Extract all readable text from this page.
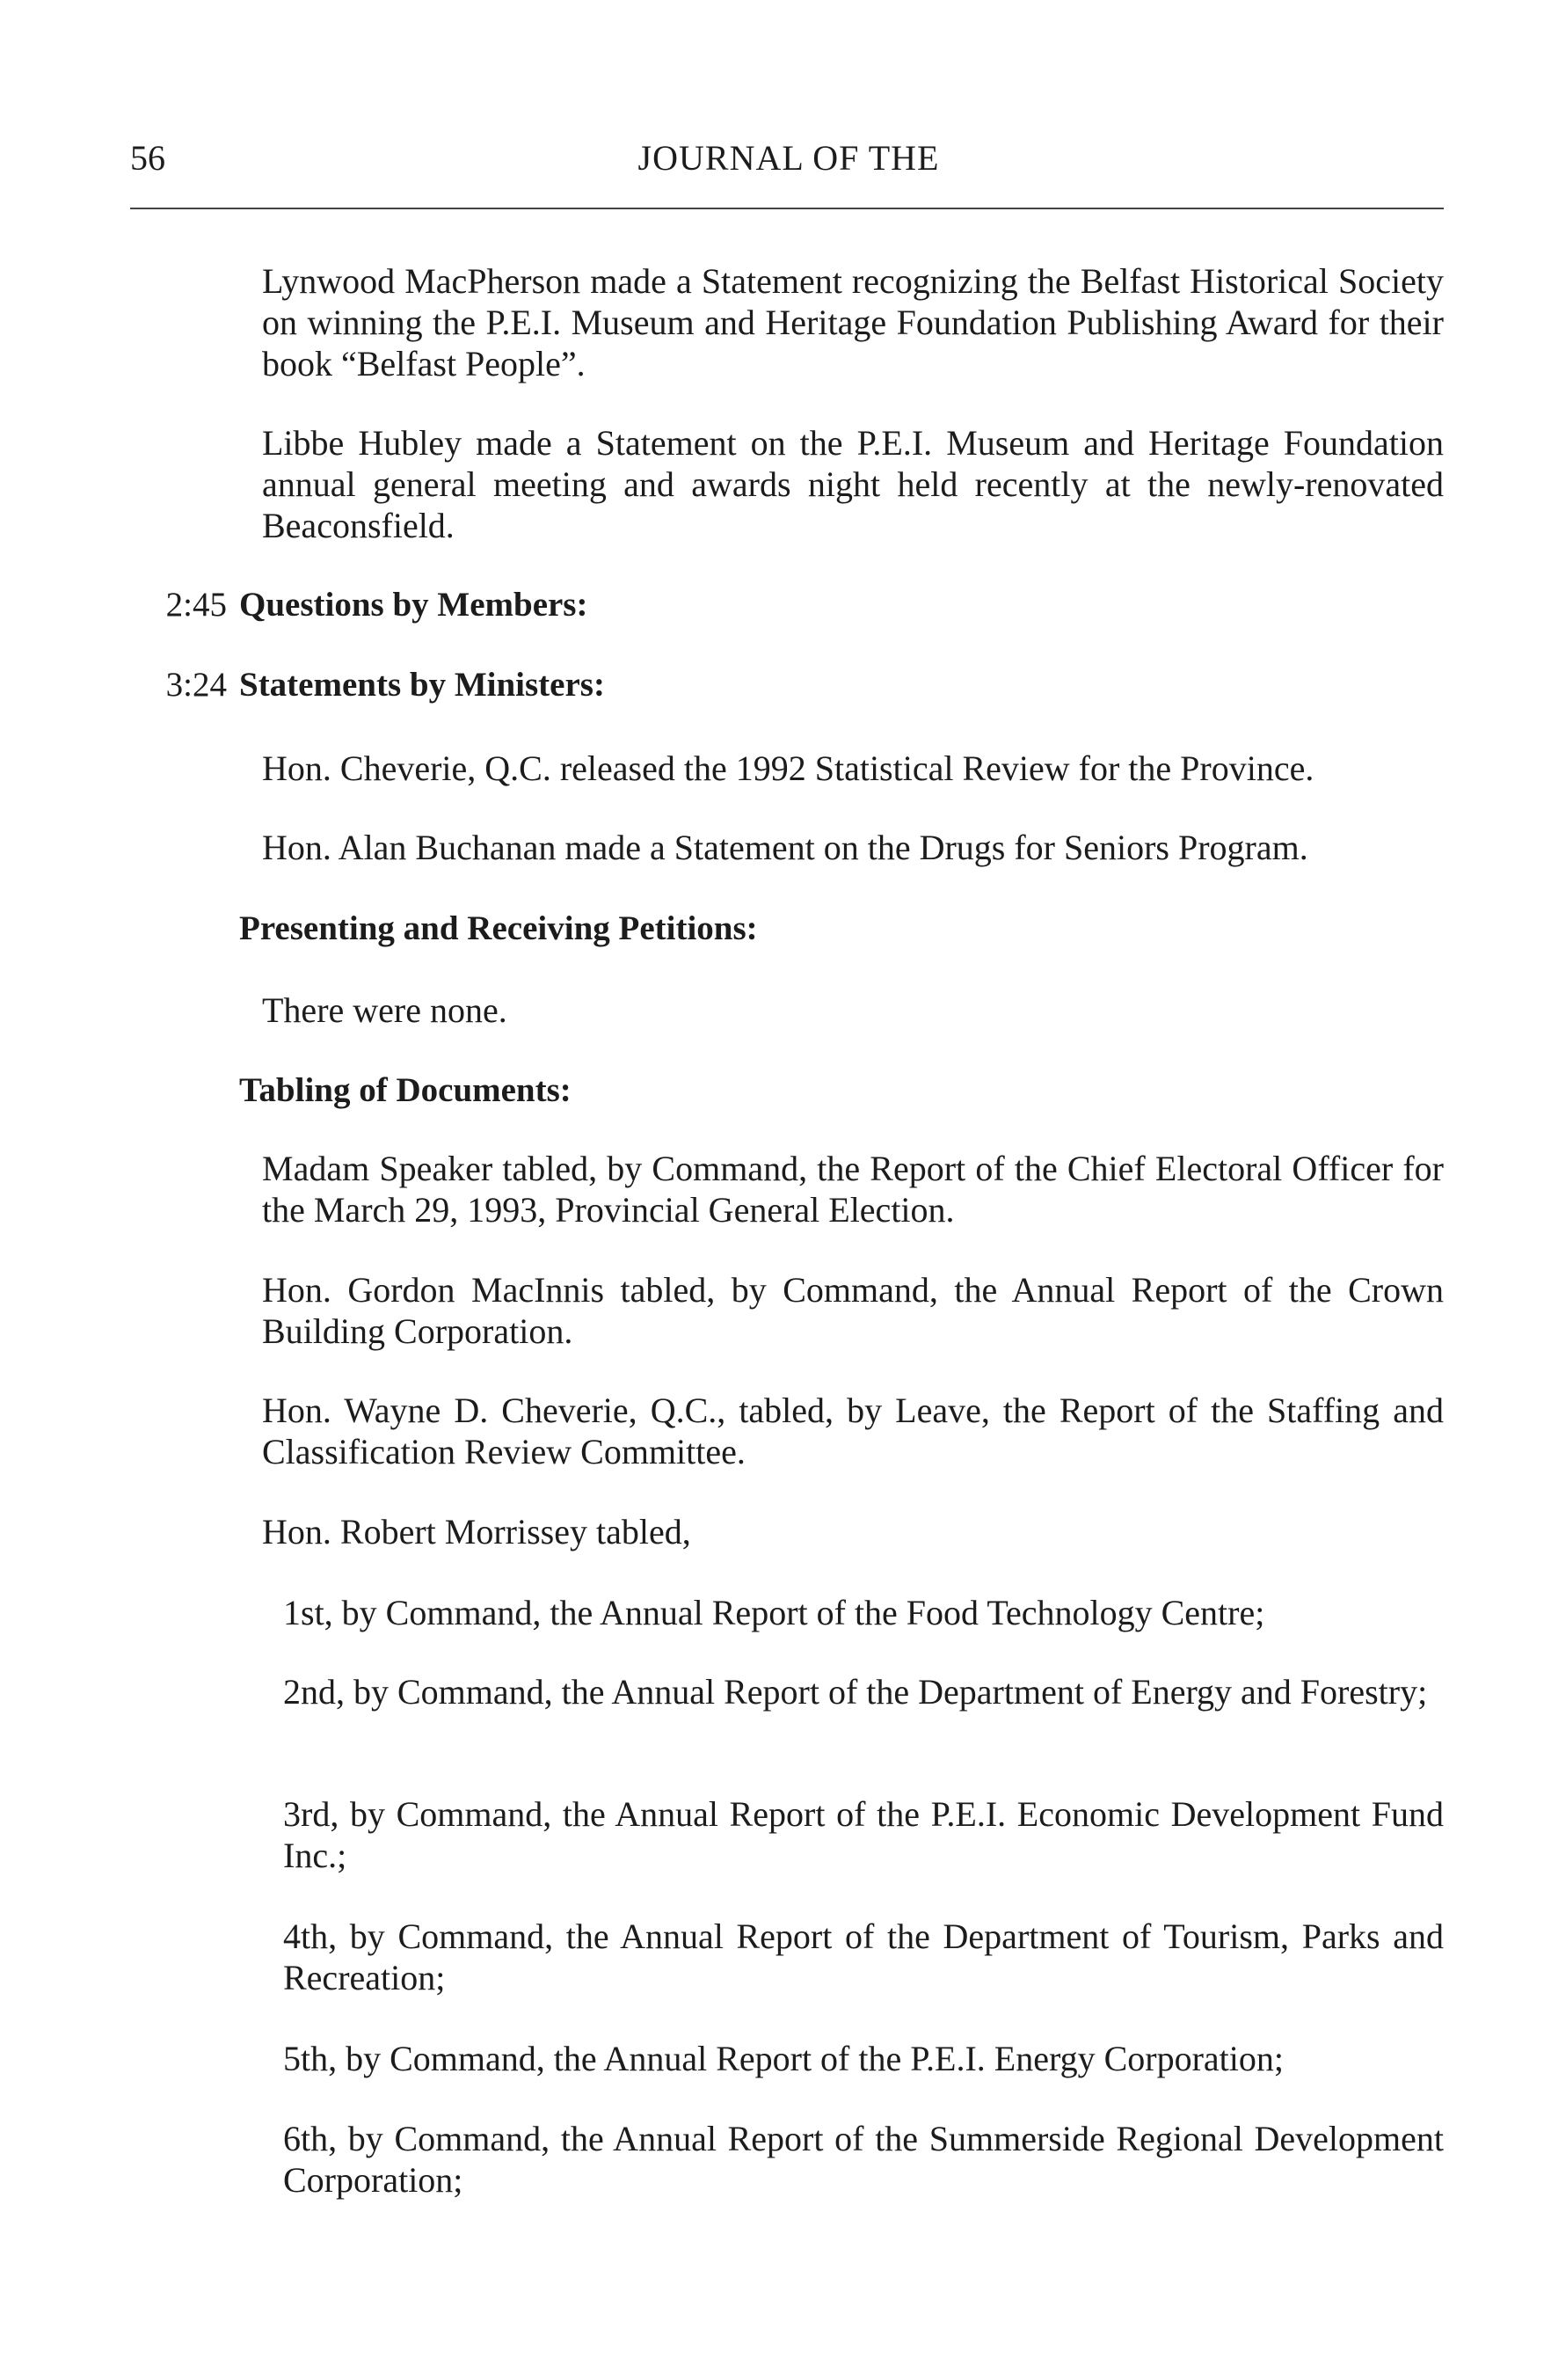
56	JOURNAL OF THE

Lynwood MacPherson made a Statement recognizing the Belfast Historical Society on winning the P.E.I. Museum and Heritage Foundation Publishing Award for their book “Belfast People”.

Libbe Hubley made a Statement on the P.E.I. Museum and Heritage Foundation annual general meeting and awards night held recently at the newly-renovated Beaconsfield.

2:45 Questions by Members:

3:24 Statements by Ministers:

Hon. Cheverie, Q.C. released the 1992 Statistical Review for the Province.

Hon. Alan Buchanan made a Statement on the Drugs for Seniors Program.

Presenting and Receiving Petitions:

There were none.

Tabling of Documents:

Madam Speaker tabled, by Command, the Report of the Chief Electoral Officer for the March 29, 1993, Provincial General Election.

Hon. Gordon MacInnis tabled, by Command, the Annual Report of the Crown Building Corporation.

Hon. Wayne D. Cheverie, Q.C., tabled, by Leave, the Report of the Staffing and Classification Review Committee.

Hon. Robert Morrissey tabled,

1st, by Command, the Annual Report of the Food Technology Centre;

2nd, by Command, the Annual Report of the Department of Energy and Forestry;

3rd, by Command, the Annual Report of the P.E.I. Economic Development Fund Inc.;

4th, by Command, the Annual Report of the Department of Tourism, Parks and Recreation;

5th, by Command, the Annual Report of the P.E.I. Energy Corporation;

6th, by Command, the Annual Report of the Summerside Regional Development Corporation;
